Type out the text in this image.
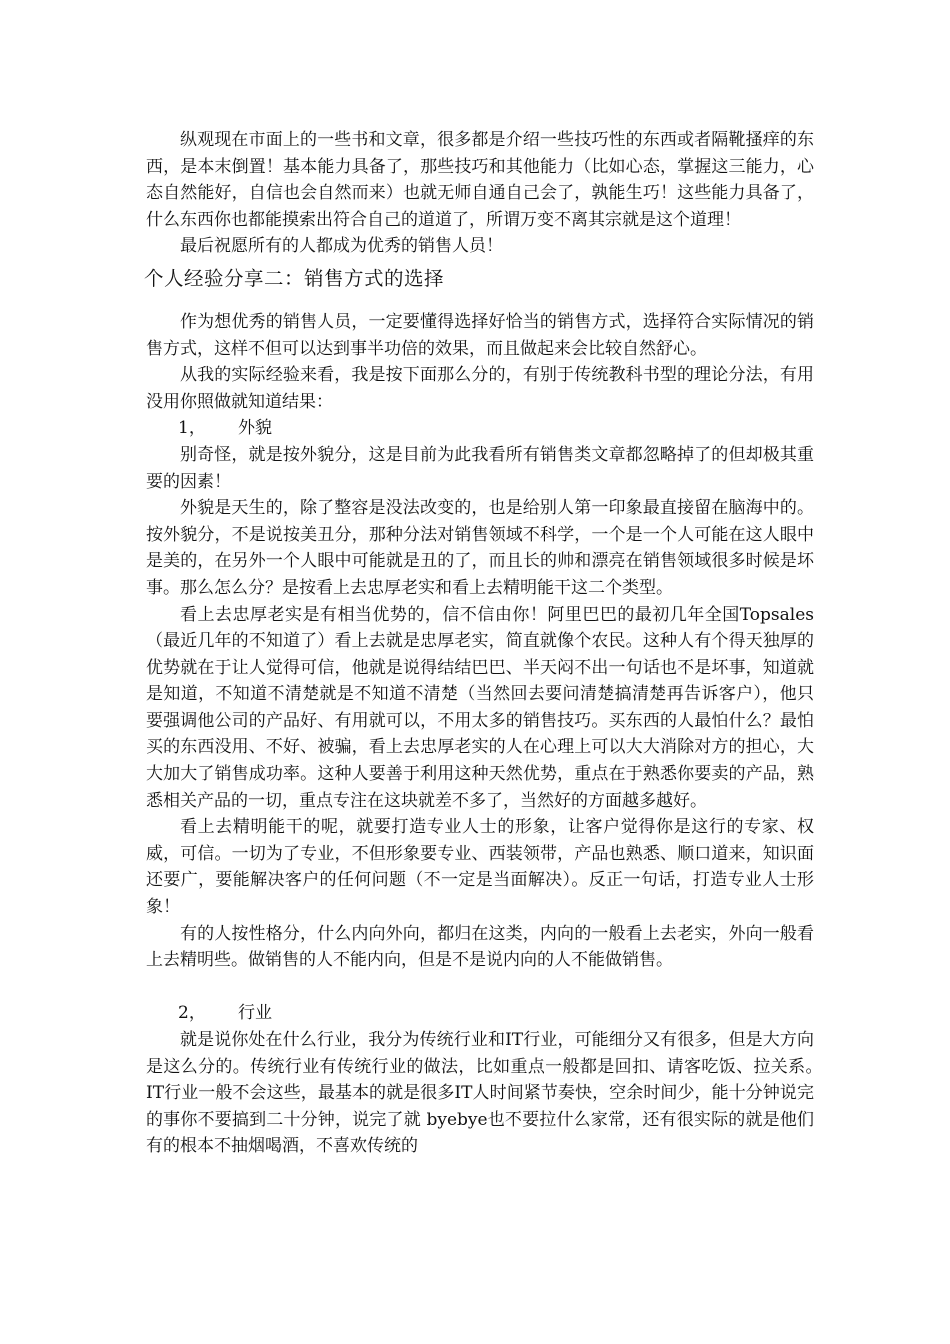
纵观现在市面上的一些书和文章，很多都是介绍一些技巧性的东西或者隔靴搔痒的东西，是本末倒置！基本能力具备了，那些技巧和其他能力（比如心态，掌握这三能力，心态自然能好，自信也会自然而来）也就无师自通自己会了，孰能生巧！这些能力具备了，什么东西你也都能摸索出符合自己的道道了，所谓万变不离其宗就是这个道理！

最后祝愿所有的人都成为优秀的销售人员！

个人经验分享二：销售方式的选择

作为想优秀的销售人员，一定要懂得选择好恰当的销售方式，选择符合实际情况的销售方式，这样不但可以达到事半功倍的效果，而且做起来会比较自然舒心。

从我的实际经验来看，我是按下面那么分的，有别于传统教科书型的理论分法，有用没用你照做就知道结果：

1， 外貌

别奇怪，就是按外貌分，这是目前为此我看所有销售类文章都忽略掉了的但却极其重要的因素！

外貌是天生的，除了整容是没法改变的，也是给别人第一印象最直接留在脑海中的。按外貌分，不是说按美丑分，那种分法对销售领域不科学，一个是一个人可能在这人眼中是美的，在另外一个人眼中可能就是丑的了，而且长的帅和漂亮在销售领域很多时候是坏事。那么怎么分？是按看上去忠厚老实和看上去精明能干这二个类型。

看上去忠厚老实是有相当优势的，信不信由你！阿里巴巴的最初几年全国Topsales（最近几年的不知道了）看上去就是忠厚老实，简直就像个农民。这种人有个得天独厚的优势就在于让人觉得可信，他就是说得结结巴巴、半天闷不出一句话也不是坏事，知道就是知道，不知道不清楚就是不知道不清楚（当然回去要问清楚搞清楚再告诉客户），他只要强调他公司的产品好、有用就可以，不用太多的销售技巧。买东西的人最怕什么？最怕买的东西没用、不好、被骗，看上去忠厚老实的人在心理上可以大大消除对方的担心，大大加大了销售成功率。这种人要善于利用这种天然优势，重点在于熟悉你要卖的产品，熟悉相关产品的一切，重点专注在这块就差不多了，当然好的方面越多越好。

看上去精明能干的呢，就要打造专业人士的形象，让客户觉得你是这行的专家、权威，可信。一切为了专业，不但形象要专业、西装领带，产品也熟悉、顺口道来，知识面还要广，要能解决客户的任何问题（不一定是当面解决）。反正一句话，打造专业人士形象！

有的人按性格分，什么内向外向，都归在这类，内向的一般看上去老实，外向一般看上去精明些。做销售的人不能内向，但是不是说内向的人不能做销售。

2， 行业

就是说你处在什么行业，我分为传统行业和IT行业，可能细分又有很多，但是大方向是这么分的。传统行业有传统行业的做法，比如重点一般都是回扣、请客吃饭、拉关系。　IT行业一般不会这些，最基本的就是很多IT人时间紧节奏快，空余时间少，能十分钟说完的事你不要搞到二十分钟，说完了就 byebye也不要拉什么家常，还有很实际的就是他们有的根本不抽烟喝酒，不喜欢传统的
